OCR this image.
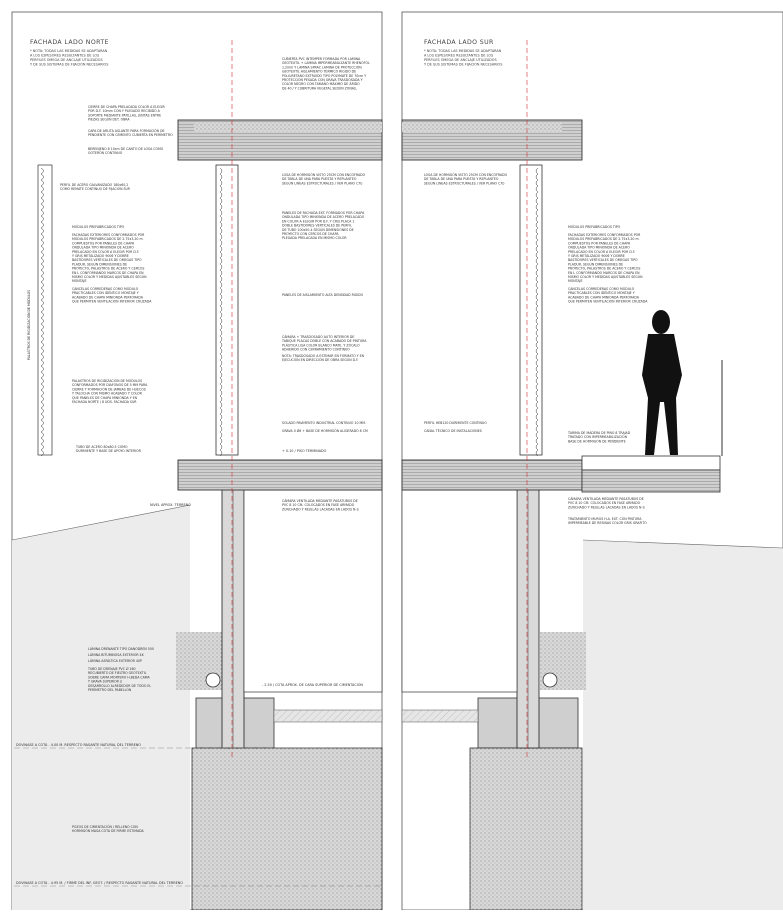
FACHADA LADO NORTE	FACHADA LADO SUR
* NOTA: TODAS LAS MEDIDAS SE ADAPTARAN
A LOS ESPESORES RESULTANTES DE LOS
PERFILES OMEGA DE ANCLAJE UTILIZADOS
Y DE SUS SISTEMAS DE FIJACIÓN NECESARIOS
* NOTA: TODAS LAS MEDIDAS SE ADAPTARAN
A LOS ESPESORES RESULTANTES DE LOS
PERFILES OMEGA DE ANCLAJE UTILIZADOS
Y DE SUS SISTEMAS DE FIJACIÓN NECESARIOS
PALASTROS DE RIGIDIZACIÓN DE MÓDULOS
CUBIERTA PVC INTEMPER FORMADA POR LAMINA
GEOTEXTIL + LAMINA IMPERMEABILIZANTE RHENOFOL
1,2mm Y LAMINA SPRAC LAMINA DE PROTECCIÓN
GEOTEXTIL AISLAMIENTO TÉRMICO RIGIDO DE
POLIURETANO EXTRUIDO TIPO POLYMATE DE 70cm Y
PROTECCIÓN PESADA CON GRAVA TRASDOSADA Y
COLOR NEGRO CON TAMAÑO MÁXIMO DE ÁRIDO
DE 40 / Y CUBRITURA VEGETAL SEDÚN ZONAS.
CIERRE DE CHAPA PRELACADA COLOR A ELEGIR
POR D.F. 10mm CON Y PLEGADO RECIBIDO A
SOPORTE MEDIANTE PATILLAS, JUNTAS ENTRE
PIEZAS SEGÚN DET. OBRA
CAPA DE ARLITA ASLANTE PARA FORMACIÓN DE
PENDIENTE CON CEMENTO CUBIERTA EN PERÍMETRO
BERENJENO 8 10cm DE CANTO DE LOSA COMO
GOTERÓN CONTINUO
LOSA DE HORMIGÓN VISTO 25CM CON ENCOFRADO
DE TABLA DE UNA PARA PUESTA Y REPLANTEO
SEGÚN LINEAS ESTRUCTURALES / VER PLANO C7b
PERFIL DE ACERO GALVANIZADO 180x60,2
COMO REMATE CONTINUO DE FIJACIÓN SUP.
PANELES DE FACHADA EXT. FORMADOS POR CHAPA
ONDULADA TIPO MINIONDA DE ACERO PRELACADO
EN COLOR A ELEGIR POR D.F. Y CRIS PLACA 1
DOBLE BASTIDORES VERTICALES DE PERFIL
DE TUBO 100x50.4 SEGÚN DIMENSIONES DE
PROYECTO CON CERCOS DE CHAPA
PLEGADA PRELACADA EN MISMO COLOR
MÓDULOS PREFABRICADOS TIPO
FACHADAS EXTERIORES CONFORMADOS POR
MÓDULOS PREFABRICADOS DE 2.75x3.20 m
COMPUESTOS POR PANELES DE CHAPA
ONDULADA TIPO MINIONDA DE ACERO
PRELACADO EN COLOR A ELEGIR POR D.F.
Y GRIS METALIZADO 9006 Y DOBRE
BASTIDORES VERTICALES DE OMEGAS TIPO
PLADUR, SEGÚN DIMENSIONES DE
PROYECTO, PALASTROS DE ACERO Y CERCOS
EN L CONFORMANDO MARCOS DE CHAPA EN
MISMO COLOR Y MEDIDAS AJUSTABLES SEGÚN
MONTAJE
CANCELAS CORREDERAS COMO MÓDULO
PRACTICABLES CON IDÉNTICO MONTAJE Y
ACABADO DE CHAPA MINIONDA PERFORADA
QUE PERMITEN VENTILACIÓN INTERIOR CRUZADA
PANELES DE AISLAMIENTO ALTA DENSIDAD RIGIDO
CÁMARA + TRASDOSADO AUTO INTERIOR DE
TABIQUE PLACAS DOBLE CON ACABADO DE PINTURA
PLÁSTICA LISA COLOR BLANCO MATE. Y ZÓCALO
ADHERIDO CON CERRAMIENTO CONTINUO
NOTA: TRASDOSADO A ESTIMAR EN FORMATO Y EN
EJECUCIÓN EN DIRECCIÓN DE OBRA SEGÚN D.F.
PALASTROS DE RIGIDIZACIÓN DE MÓDULOS
CONFORMADOS POR DIAFONOS DE 5 MM PARA
CIERRE Y FORMACIÓN DE JAMBAS DE HUECOS
Y TALOCHA CON MISMO ACABADO Y COLOR
QUE PANELES DE CHAPA MINIONDA Y EN
FACHADA NORTE / 8 UDS. FACHADA SUR
SOLADO PAVIMENTO INDUSTRIAL CONTINUO 10 MM.
GRAVA 0 Ø6 + BASE DE HORMIGÓN ALIGERADO 8 CM
TUBO DE ACERO 80x80.5 COMO
DURMIENTE Y BASE DE APOYO INTERIOR
CÁMARA VENTILADA MEDIANTE PASATUBOS DE
PVC 8 10 CM. COLOCADOS EN FASE ARMADO
ZUNCHADO Y REJILLAS LACADAS EN LADOS N-S
LÁMINA DRENANTE TIPO DANODREN 500
LÁMINA BITUMINOSA EXTERIOR 4K
LÁMINA ASFÁLTICA EXTERIOR 40P
TUBO DE DRENAJE PVC Ø 160
RECUBIERTO DE FIELTRO GEOTEXTIL
SOBRE CAMA MORTERO H.BEDA CAMA
Y GRAVA SUPERIOR //
DESARROLLO ALREDEDOR DE TODO EL
PERÍMETRO DEL PABELLÓN
POZOS DE CIMENTACIÓN / RELLENO CON
HORMIGÓN MASA COTA DE FIRME ESTIMADA
LOSA DE HORMIGÓN VISTO 25CM CON ENCOFRADO
DE TABLA DE UNA PARA PUESTA Y REPLANTEO
SEGÚN LINEAS ESTRUCTURALES / VER PLANO C7b
MÓDULOS PREFABRICADOS TIPO
FACHADAS EXTERIORES CONFORMADOS POR
MÓDULOS PREFABRICADOS DE 2.75x3.20 m
COMPUESTOS POR PANELES DE CHAPA
ONDULADA TIPO MINIONDA DE ACERO
PRELACADO EN COLOR A ELEGIR POR D.F.
Y GRIS METALIZADO 9006 Y DOBRE
BASTIDORES VERTICALES DE OMEGAS TIPO
PLADUR, SEGÚN DIMENSIONES DE
PROYECTO, PALASTROS DE ACERO Y CERCOS
EN L CONFORMANDO MARCOS DE CHAPA EN
MISMO COLOR Y MEDIDAS AJUSTABLES SEGÚN
MONTAJE
CANCELAS CORREDERAS COMO MÓDULO
PRACTICABLES CON IDÉNTICO MONTAJE Y
ACABADO DE CHAPA MINIONDA PERFORADA
QUE PERMITEN VENTILACIÓN INTERIOR CRUZADA
PERFIL HEB120 DURMIENTE CONTINUO
CANAL TÉCNICO DE INSTALACIONES	TARIMA DE MADERA DE PINO 8 TRAJAD
TRATADO CON IMPERMEABILIZACIÓN
BASE DE HORMIGÓN DE PENDIENTE
CÁMARA VENTILADA MEDIANTE PASATUBOS DE
PVC 8 10 CM. COLOCADOS EN FASE ARMADO
ZUNCHADO Y REJILLAS LACADAS EN LADOS N-S
TRATAMIENTO MUROS H.A. EXT. CON PINTURA
IMPERMEABLE DE RESINAS COLOR GRIS GRAFITO
NIVEL APROX. TERRENO
+ 0.10 / PISO TERMINADO
- 2.50 / COTA APROX. DE CARA SUPERIOR DE CIMENTACIÓN
DOVINASE A COTA - 4.00 M. RESPECTO RASANTE NATURAL DEL TERRENO
DOVINASE A COTA - 4.95 M. / FIRME DEL INF. GEOT. / RESPECTO RASANTE NATURAL DEL TERRENO
